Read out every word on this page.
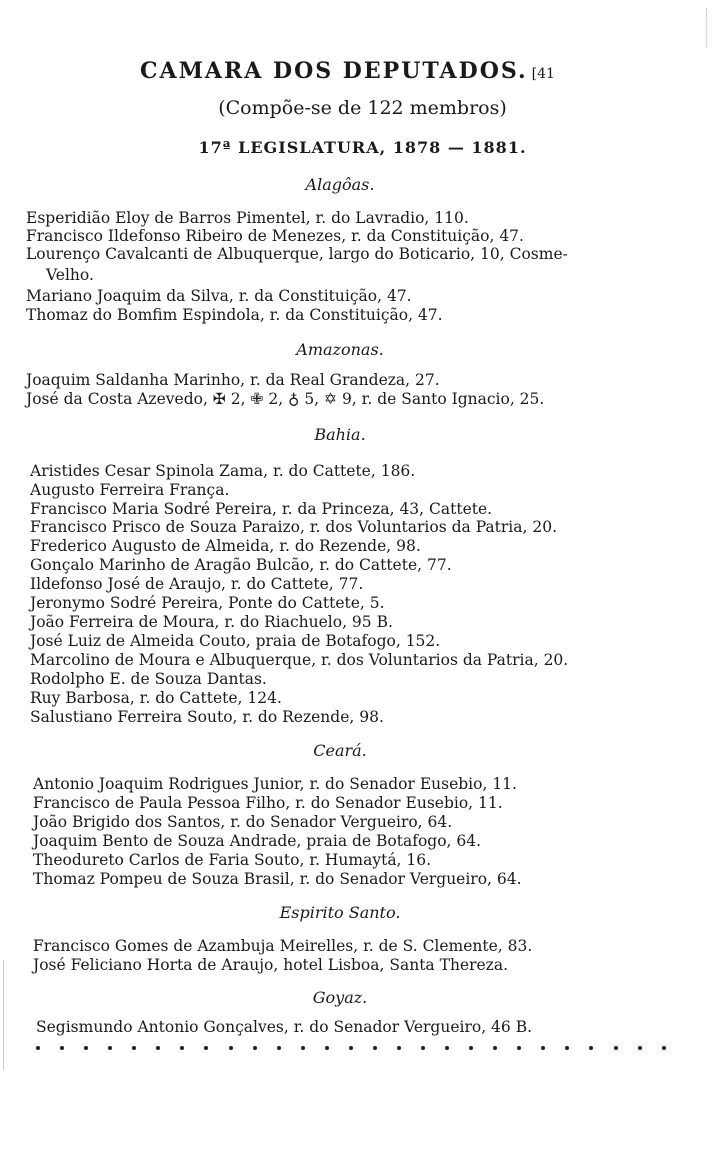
CAMARA DOS DEPUTADOS. [41
(Compõe-se de 122 membros)
17ª LEGISLATURA, 1878 — 1881.
Alagôas.
Esperidião Eloy de Barros Pimentel, r. do Lavradio, 110.
Francisco Ildefonso Ribeiro de Menezes, r. da Constituição, 47.
Lourenço Cavalcanti de Albuquerque, largo do Boticario, 10, Cosme-
Velho.
Mariano Joaquim da Silva, r. da Constituição, 47.
Thomaz do Bomfim Espindola, r. da Constituição, 47.
Amazonas.
Joaquim Saldanha Marinho, r. da Real Grandeza, 27.
José da Costa Azevedo, ✠ 2, ✙ 2, ♁ 5, ✡ 9, r. de Santo Ignacio, 25.
Bahia.
Aristides Cesar Spinola Zama, r. do Cattete, 186.
Augusto Ferreira França.
Francisco Maria Sodré Pereira, r. da Princeza, 43, Cattete.
Francisco Prisco de Souza Paraizo, r. dos Voluntarios da Patria, 20.
Frederico Augusto de Almeida, r. do Rezende, 98.
Gonçalo Marinho de Aragão Bulcão, r. do Cattete, 77.
Ildefonso José de Araujo, r. do Cattete, 77.
Jeronymo Sodré Pereira, Ponte do Cattete, 5.
João Ferreira de Moura, r. do Riachuelo, 95 B.
José Luiz de Almeida Couto, praia de Botafogo, 152.
Marcolino de Moura e Albuquerque, r. dos Voluntarios da Patria, 20.
Rodolpho E. de Souza Dantas.
Ruy Barbosa, r. do Cattete, 124.
Salustiano Ferreira Souto, r. do Rezende, 98.
Ceará.
Antonio Joaquim Rodrigues Junior, r. do Senador Eusebio, 11.
Francisco de Paula Pessoa Filho, r. do Senador Eusebio, 11.
João Brigido dos Santos, r. do Senador Vergueiro, 64.
Joaquim Bento de Souza Andrade, praia de Botafogo, 64.
Theodureto Carlos de Faria Souto, r. Humaytá, 16.
Thomaz Pompeu de Souza Brasil, r. do Senador Vergueiro, 64.
Espirito Santo.
Francisco Gomes de Azambuja Meirelles, r. de S. Clemente, 83.
José Feliciano Horta de Araujo, hotel Lisboa, Santa Thereza.
Goyaz.
Segismundo Antonio Gonçalves, r. do Senador Vergueiro, 46 B.
